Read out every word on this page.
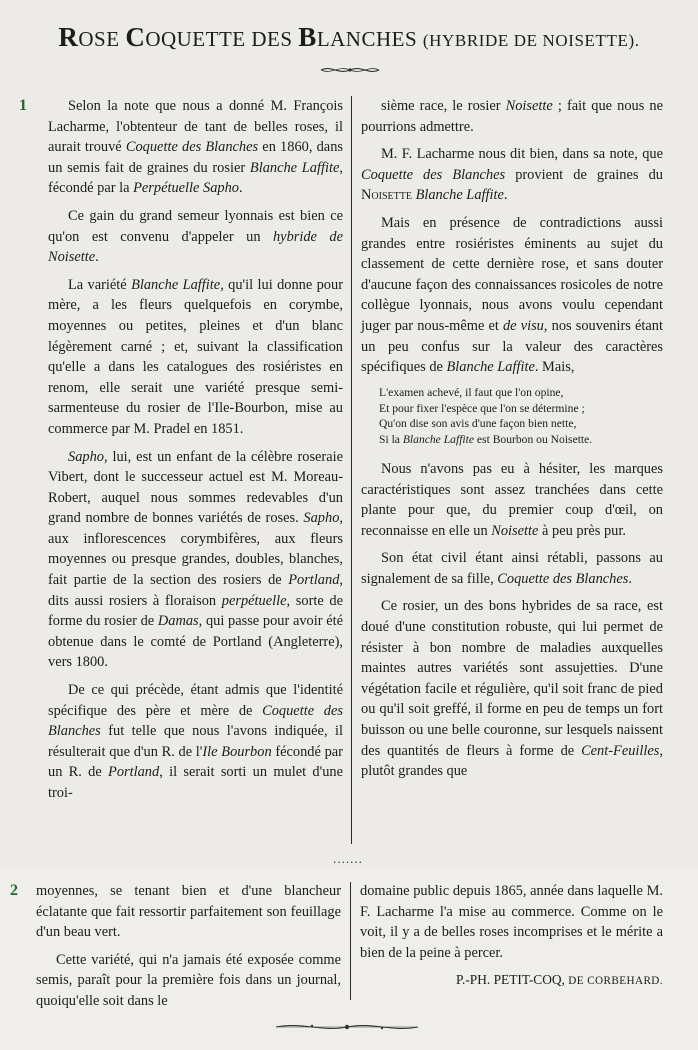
ROSE COQUETTE DES BLANCHES (HYBRIDE DE NOISETTE).
1	Selon la note que nous a donné M. François Lacharme, l'obtenteur de tant de belles roses, il aurait trouvé Coquette des Blanches en 1860, dans un semis fait de graines du rosier Blanche Laffite, fécondé par la Perpétuelle Sapho.

Ce gain du grand semeur lyonnais est bien ce qu'on est convenu d'appeler un hybride de Noisette.

La variété Blanche Laffite, qu'il lui donne pour mère, a les fleurs quelquefois en corymbe, moyennes ou petites, pleines et d'un blanc légèrement carné ; et, suivant la classification qu'elle a dans les catalogues des rosiéristes en renom, elle serait une variété presque semi-sarmenteuse du rosier de l'Ile-Bourbon, mise au commerce par M. Pradel en 1851.

Sapho, lui, est un enfant de la célèbre roseraie Vibert, dont le successeur actuel est M. Moreau-Robert, auquel nous sommes redevables d'un grand nombre de bonnes variétés de roses. Sapho, aux inflorescences corymbifères, aux fleurs moyennes ou presque grandes, doubles, blanches, fait partie de la section des rosiers de Portland, dits aussi rosiers à floraison perpétuelle, sorte de forme du rosier de Damas, qui passe pour avoir été obtenue dans le comté de Portland (Angleterre), vers 1800.

De ce qui précède, étant admis que l'identité spécifique des père et mère de Coquette des Blanches fut telle que nous l'avons indiquée, il résulterait que d'un R. de l'Ile Bourbon fécondé par un R. de Portland, il serait sorti un mulet d'une troi-

sième race, le rosier Noisette ; fait que nous ne pourrions admettre.

M. F. Lacharme nous dit bien, dans sa note, que Coquette des Blanches provient de graines du Noisette Blanche Laffite.

Mais en présence de contradictions aussi grandes entre rosiéristes éminents au sujet du classement de cette dernière rose, et sans douter d'aucune façon des connaissances rosicoles de notre collègue lyonnais, nous avons voulu cependant juger par nous-même et de visu, nos souvenirs étant un peu confus sur la valeur des caractères spécifiques de Blanche Laffite. Mais,

L'examen achevé, il faut que l'on opine,
Et pour fixer l'espèce que l'on se détermine ;
Qu'on dise son avis d'une façon bien nette,
Si la Blanche Laffite est Bourbon ou Noisette.

Nous n'avons pas eu à hésiter, les marques caractéristiques sont assez tranchées dans cette plante pour que, du premier coup d'œil, on reconnaisse en elle un Noisette à peu près pur.

Son état civil étant ainsi rétabli, passons au signalement de sa fille, Coquette des Blanches.

Ce rosier, un des bons hybrides de sa race, est doué d'une constitution robuste, qui lui permet de résister à bon nombre de maladies auxquelles maintes autres variétés sont assujetties. D'une végétation facile et régulière, qu'il soit franc de pied ou qu'il soit greffé, il forme en peu de temps un fort buisson ou une belle couronne, sur lesquels naissent des quantités de fleurs à forme de Cent-Feuilles, plutôt grandes que

.......
2 moyennes, se tenant bien et d'une blancheur éclatante que fait ressortir parfaitement son feuillage d'un beau vert.

Cette variété, qui n'a jamais été exposée comme semis, paraît pour la première fois dans un journal, quoiqu'elle soit dans le

domaine public depuis 1865, année dans laquelle M. F. Lacharme l'a mise au commerce. Comme on le voit, il y a de belles roses incomprises et le mérite a bien de la peine à percer.

P.-PH. PETIT-COQ, DE CORBEHARD.
